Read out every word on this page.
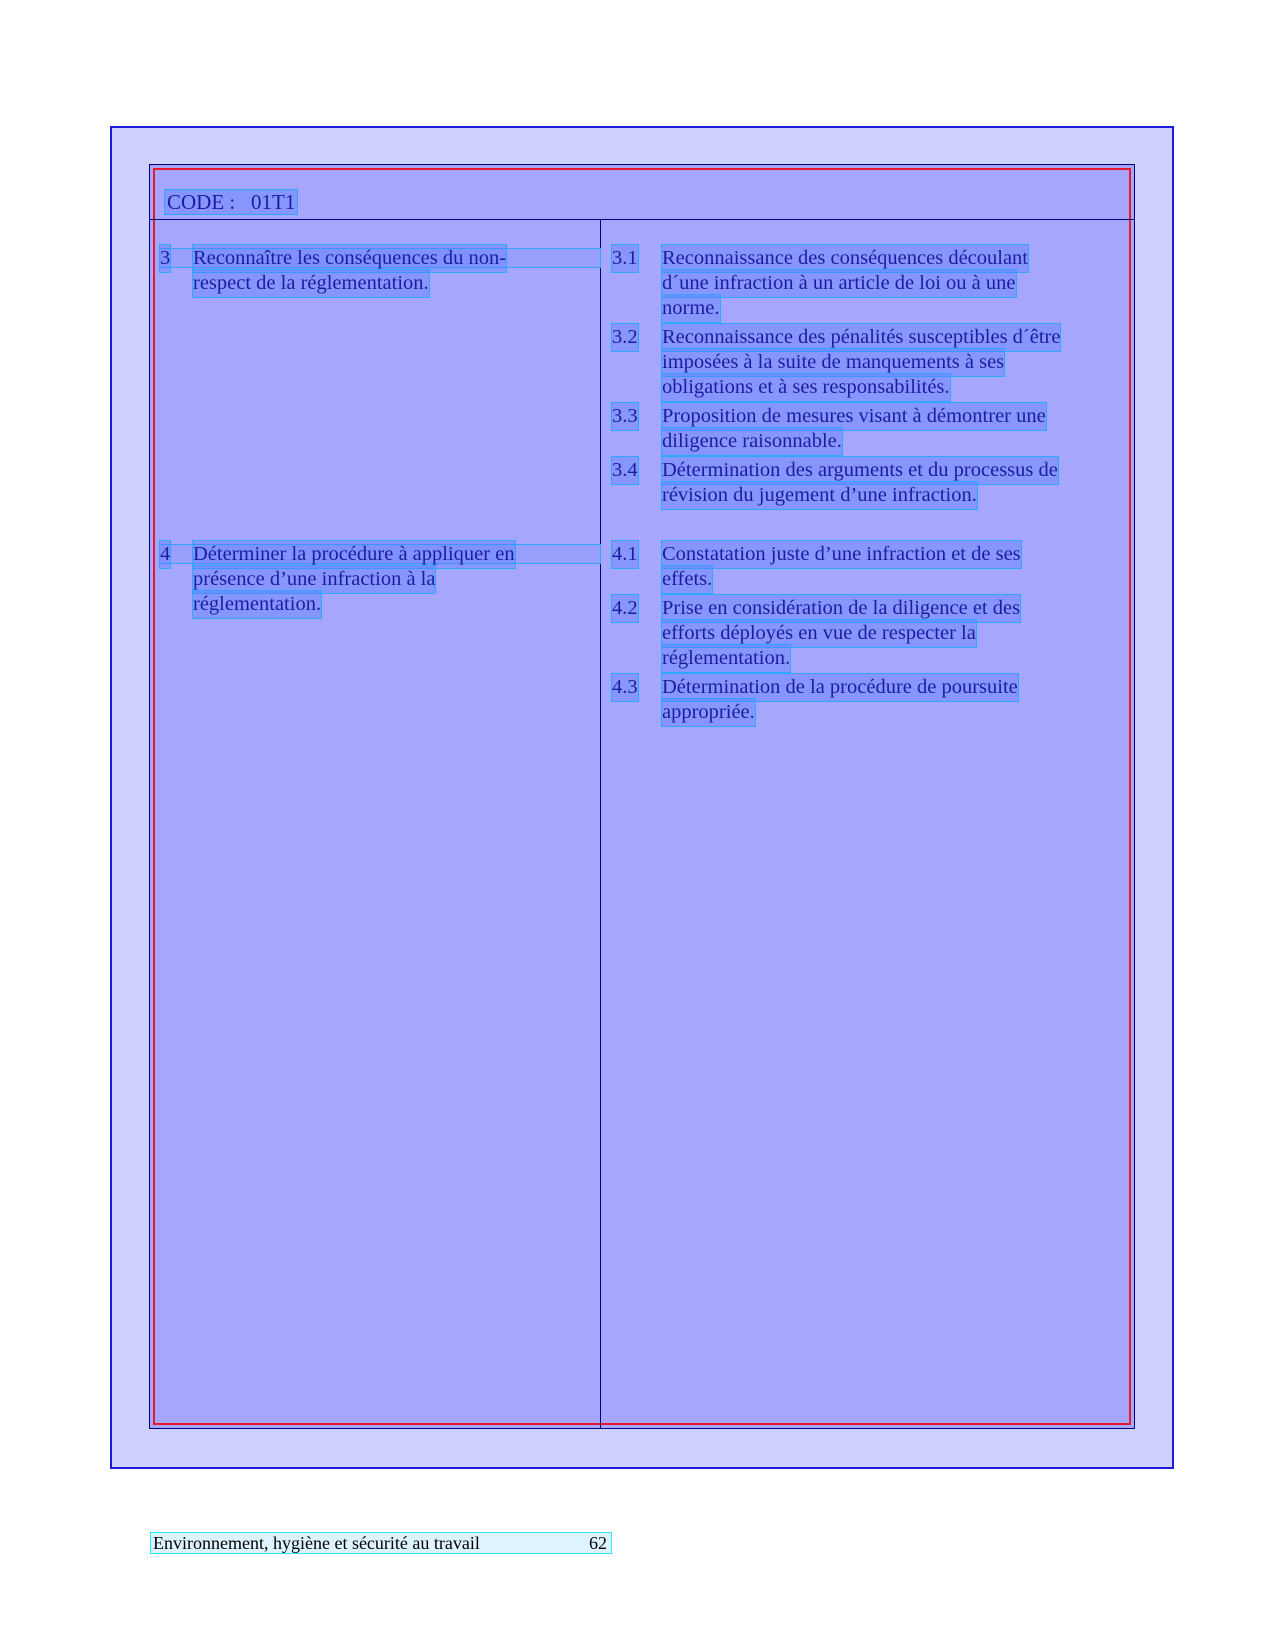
CODE : 01T1
3 Reconnaître les conséquences du non-
respect de la réglementation.
4 Déterminer la procédure à appliquer en
présence d’une infraction à la
réglementation.
3.1 Reconnaissance des conséquences découlant
d´une infraction à un article de loi ou à une
norme.
3.2 Reconnaissance des pénalités susceptibles d´être
imposées à la suite de manquements à ses
obligations et à ses responsabilités.
3.3 Proposition de mesures visant à démontrer une
diligence raisonnable.
3.4 Détermination des arguments et du processus de
révision du jugement d’une infraction.
4.1 Constatation juste d’une infraction et de ses
effets.
4.2 Prise en considération de la diligence et des
efforts déployés en vue de respecter la
réglementation.
4.3 Détermination de la procédure de poursuite
appropriée.
Environnement, hygiène et sécurité au travail	62
